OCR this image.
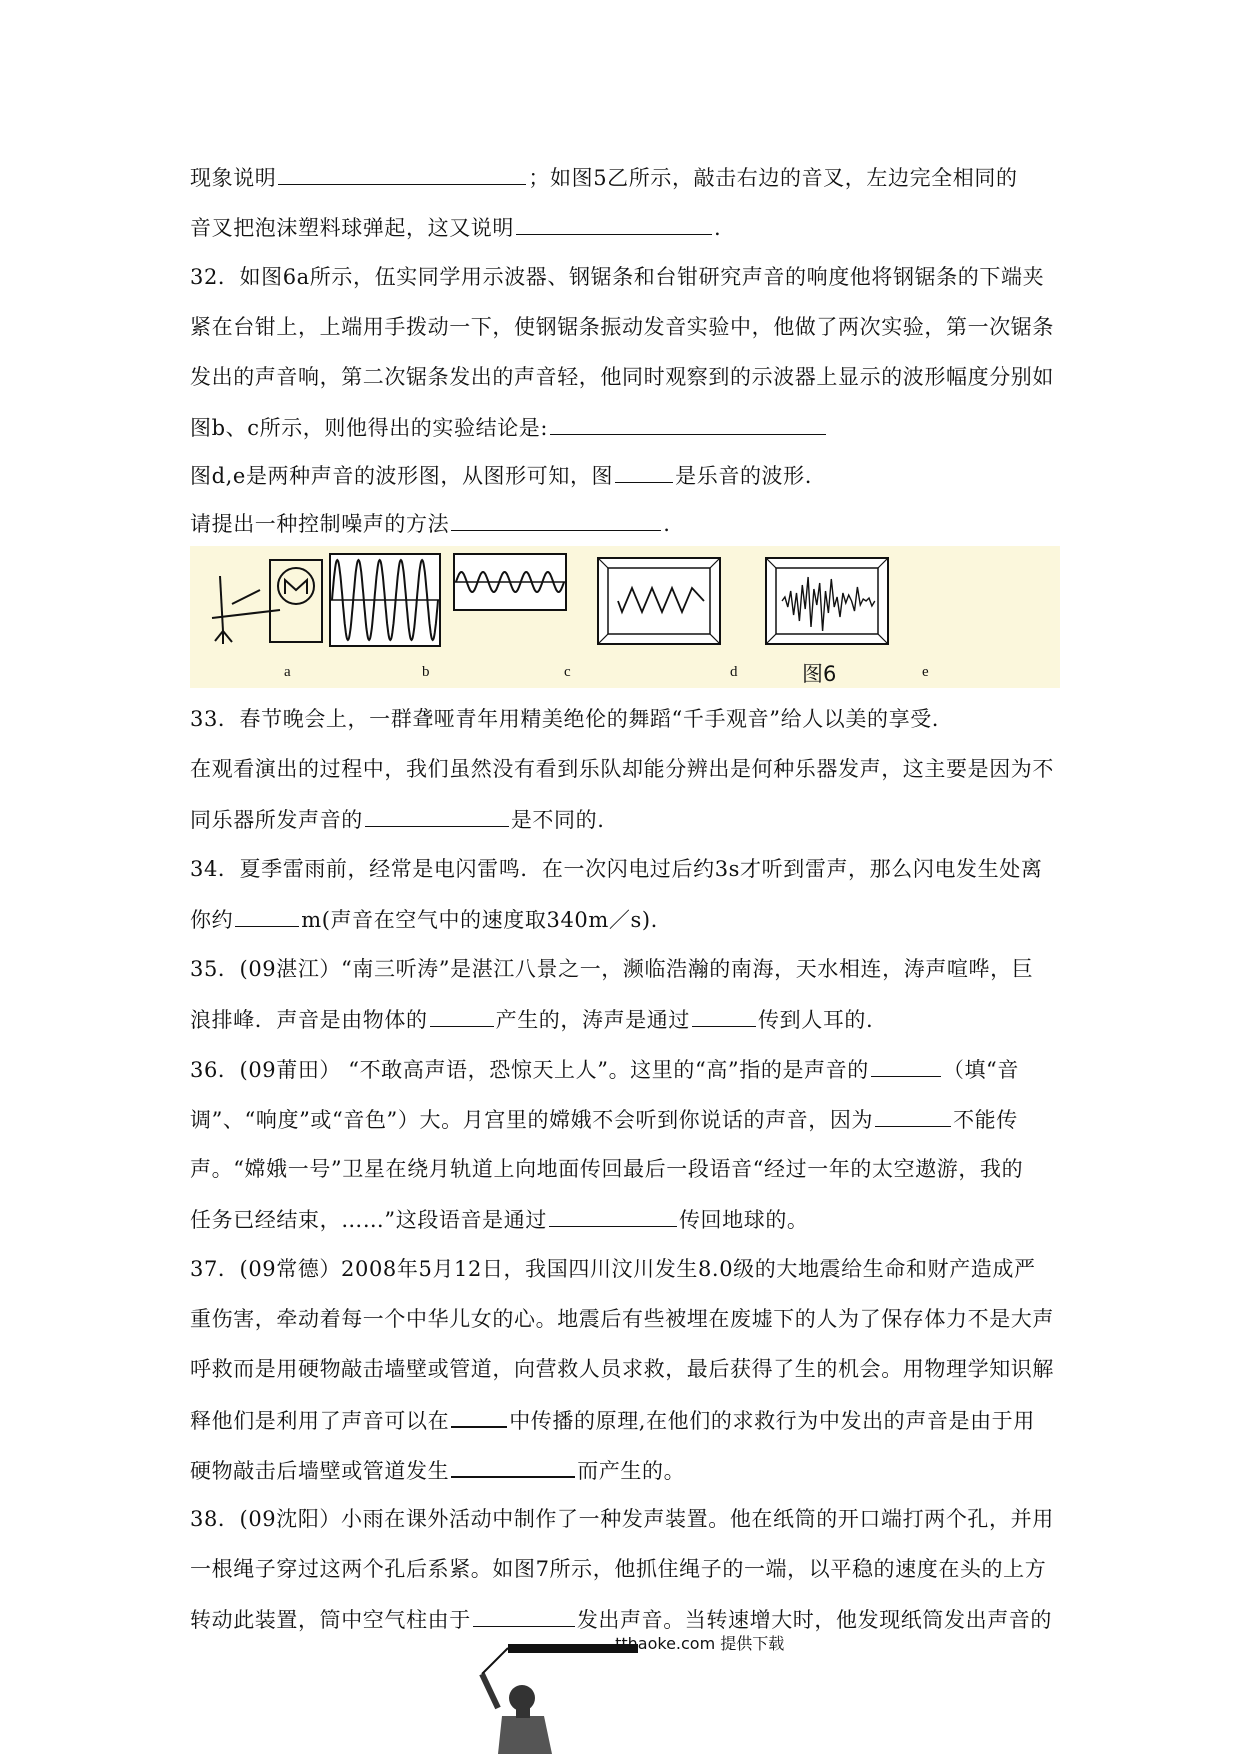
现象说明	；如图5乙所示，敲击右边的音叉，左边完全相同的
音叉把泡沫塑料球弹起，这又说明	.
32．如图6a所示，伍实同学用示波器、钢锯条和台钳研究声音的响度他将钢锯条的下端夹
紧在台钳上，上端用手拨动一下，使钢锯条振动发音实验中，他做了两次实验，第一次锯条
发出的声音响，第二次锯条发出的声音轻，他同时观察到的示波器上显示的波形幅度分别如
图b、c所示，则他得出的实验结论是:
图d,e是两种声音的波形图，从图形可知，图	是乐音的波形.
请提出一种控制噪声的方法	.
a	b	c	d	e
图6
33．春节晚会上，一群聋哑青年用精美绝伦的舞蹈“千手观音”给人以美的享受.
在观看演出的过程中，我们虽然没有看到乐队却能分辨出是何种乐器发声，这主要是因为不
同乐器所发声音的	是不同的.
34．夏季雷雨前，经常是电闪雷鸣．在一次闪电过后约3s才听到雷声，那么闪电发生处离
你约	m(声音在空气中的速度取340m／s).
35．(09湛江）“南三听涛”是湛江八景之一，濒临浩瀚的南海，天水相连，涛声喧哗，巨
浪排峰．声音是由物体的	产生的，涛声是通过	传到人耳的.
36．(09莆田） “不敢高声语，恐惊天上人”。这里的“高”指的是声音的	（填“音
调”、“响度”或“音色”）大。月宫里的嫦娥不会听到你说话的声音，因为	不能传
声。“嫦娥一号”卫星在绕月轨道上向地面传回最后一段语音“经过一年的太空遨游，我的
任务已经结束，……”这段语音是通过	传回地球的。
37．(09常德）2008年5月12日，我国四川汶川发生8.0级的大地震给生命和财产造成严
重伤害，牵动着每一个中华儿女的心。地震后有些被埋在废墟下的人为了保存体力不是大声
呼救而是用硬物敲击墙壁或管道，向营救人员求救，最后获得了生的机会。用物理学知识解
释他们是利用了声音可以在	中传播的原理,在他们的求救行为中发出的声音是由于用
硬物敲击后墙壁或管道发生	而产生的。
38．(09沈阳）小雨在课外活动中制作了一种发声装置。他在纸筒的开口端打两个孔，并用
一根绳子穿过这两个孔后系紧。如图7所示，他抓住绳子的一端，以平稳的速度在头的上方
转动此装置，筒中空气柱由于	发出声音。当转速增大时，他发现纸筒发出声音的
.tthaoke.com 提供下载
